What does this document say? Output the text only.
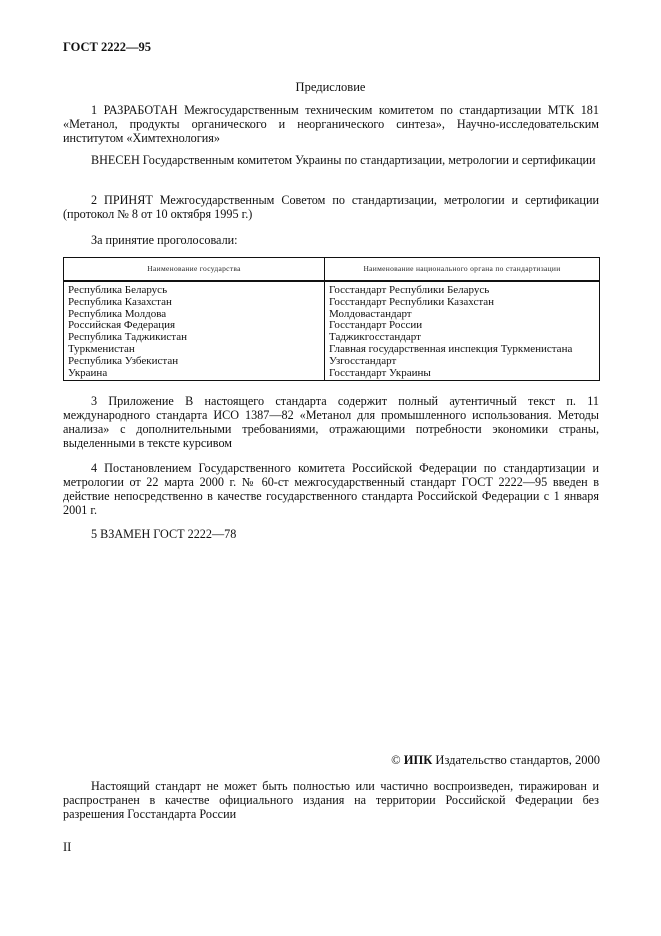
ГОСТ 2222—95
Предисловие
1 РАЗРАБОТАН Межгосударственным техническим комитетом по стандартизации МТК 181 «Метанол, продукты органического и неорганического синтеза», Научно-исследовательским институтом «Химтехнология»
ВНЕСЕН Государственным комитетом Украины по стандартизации, метрологии и сертификации
2 ПРИНЯТ Межгосударственным Советом по стандартизации, метрологии и сертификации (протокол № 8 от 10 октября 1995 г.)
За принятие проголосовали:
Наименование государства	Наименование национального органа по стандартизации
Республика Беларусь	Госстандарт Республики Беларусь
Республика Казахстан	Госстандарт Республики Казахстан
Республика Молдова	Молдовастандарт
Российская Федерация	Госстандарт России
Республика Таджикистан	Таджикгосстандарт
Туркменистан	Главная государственная инспекция Туркменистана
Республика Узбекистан	Узгосстандарт
Украина	Госстандарт Украины
3 Приложение В настоящего стандарта содержит полный аутентичный текст п. 11 международного стандарта ИСО 1387—82 «Метанол для промышленного использования. Методы анализа» с дополнительными требованиями, отражающими потребности экономики страны, выделенными в тексте курсивом
4 Постановлением Государственного комитета Российской Федерации по стандартизации и метрологии от 22 марта 2000 г. № 60-ст межгосударственный стандарт ГОСТ 2222—95 введен в действие непосредственно в качестве государственного стандарта Российской Федерации с 1 января 2001 г.
5 ВЗАМЕН ГОСТ 2222—78
© ИПК Издательство стандартов, 2000
Настоящий стандарт не может быть полностью или частично воспроизведен, тиражирован и распространен в качестве официального издания на территории Российской Федерации без разрешения Госстандарта России
II
